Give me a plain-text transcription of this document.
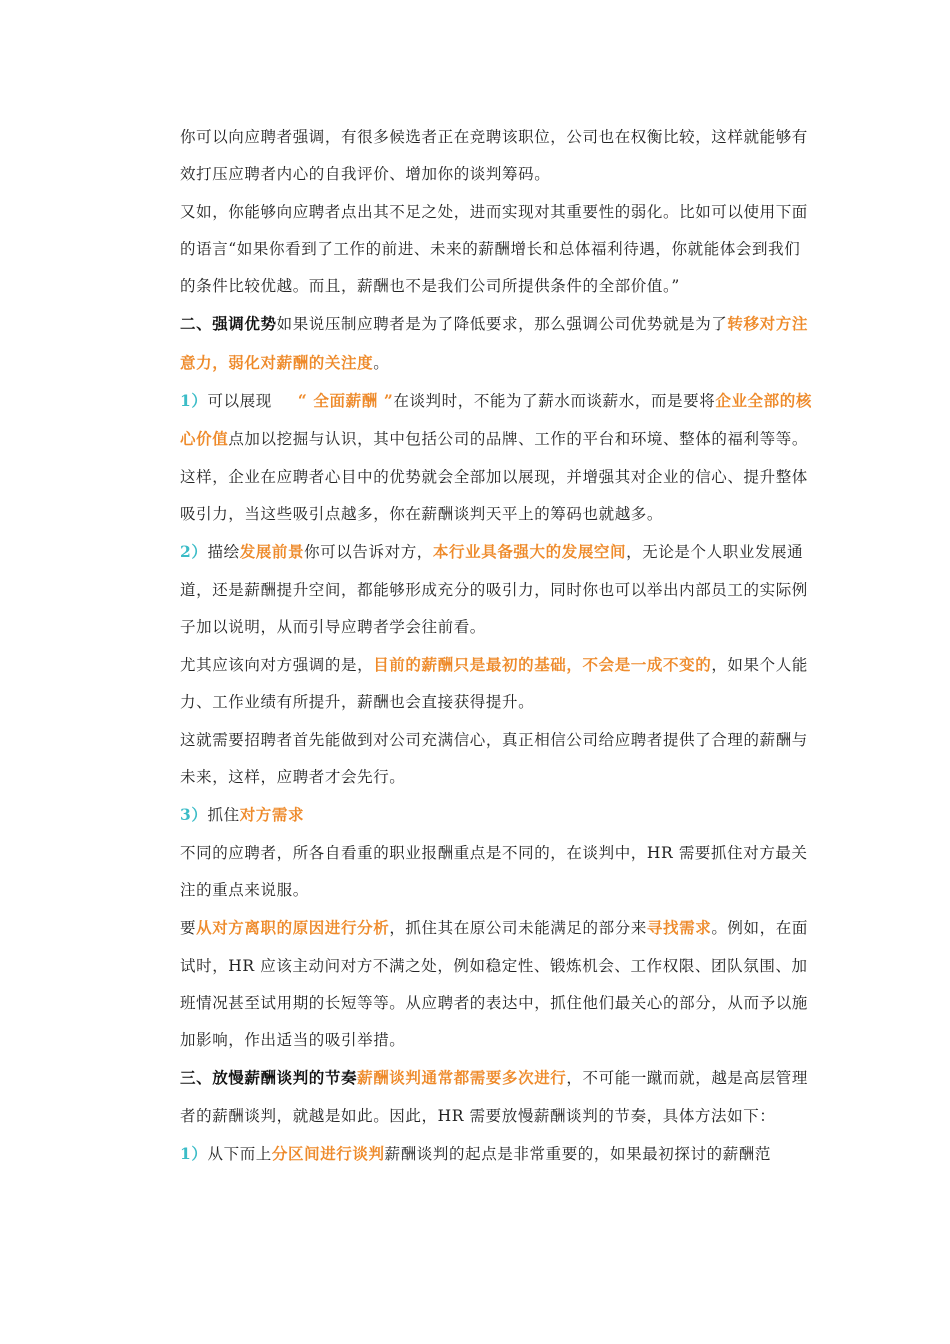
你可以向应聘者强调，有很多候选者正在竞聘该职位，公司也在权衡比较，这样就能够有效打压应聘者内心的自我评价、增加你的谈判筹码。

又如，你能够向应聘者点出其不足之处，进而实现对其重要性的弱化。比如可以使用下面的语言“如果你看到了工作的前进、未来的薪酬增长和总体福利待遇，你就能体会到我们的条件比较优越。而且，薪酬也不是我们公司所提供条件的全部价值。”

二、强调优势如果说压制应聘者是为了降低要求，那么强调公司优势就是为了转移对方注意力，弱化对薪酬的关注度。

1）可以展现 “ 全面薪酬 ”在谈判时，不能为了薪水而谈薪水，而是要将企业全部的核心价值点加以挖掘与认识，其中包括公司的品牌、工作的平台和环境、整体的福利等等。这样，企业在应聘者心目中的优势就会全部加以展现，并增强其对企业的信心、提升整体吸引力，当这些吸引点越多，你在薪酬谈判天平上的筹码也就越多。

2）描绘发展前景你可以告诉对方，本行业具备强大的发展空间，无论是个人职业发展通道，还是薪酬提升空间，都能够形成充分的吸引力，同时你也可以举出内部员工的实际例子加以说明，从而引导应聘者学会往前看。

尤其应该向对方强调的是，目前的薪酬只是最初的基础，不会是一成不变的，如果个人能力、工作业绩有所提升，薪酬也会直接获得提升。

这就需要招聘者首先能做到对公司充满信心，真正相信公司给应聘者提供了合理的薪酬与未来，这样，应聘者才会先行。

3）抓住对方需求

不同的应聘者，所各自看重的职业报酬重点是不同的，在谈判中，HR 需要抓住对方最关注的重点来说服。

要从对方离职的原因进行分析，抓住其在原公司未能满足的部分来寻找需求。例如，在面试时，HR 应该主动问对方不满之处，例如稳定性、锻炼机会、工作权限、团队氛围、加班情况甚至试用期的长短等等。从应聘者的表达中，抓住他们最关心的部分，从而予以施加影响，作出适当的吸引举措。

三、放慢薪酬谈判的节奏薪酬谈判通常都需要多次进行，不可能一蹴而就，越是高层管理者的薪酬谈判，就越是如此。因此，HR 需要放慢薪酬谈判的节奏，具体方法如下：

1）从下而上分区间进行谈判薪酬谈判的起点是非常重要的，如果最初探讨的薪酬范
